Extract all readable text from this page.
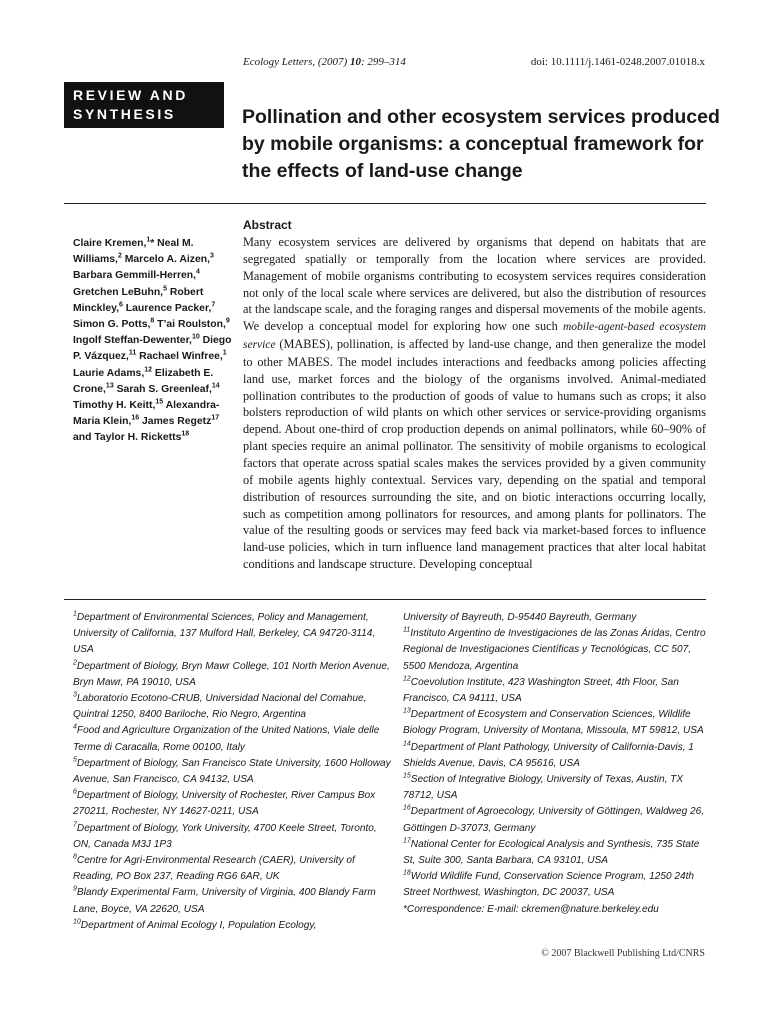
Ecology Letters, (2007) 10: 299–314	doi: 10.1111/j.1461-0248.2007.01018.x
REVIEW AND
SYNTHESIS	Pollination and other ecosystem services produced by mobile organisms: a conceptual framework for the effects of land-use change
Abstract
Claire Kremen,$^1$* Neal M. Williams,$^2$ Marcelo A. Aizen,$^3$ Barbara Gemmill-Herren,$^4$ Gretchen LeBuhn,$^5$ Robert Minckley,$^6$ Laurence Packer,$^7$ Simon G. Potts,$^8$ T’ai Roulston,$^9$ Ingolf Steffan-Dewenter,$^{10}$ Diego P. Vázquez,$^{11}$ Rachael Winfree,$^1$ Laurie Adams,$^{12}$ Elizabeth E. Crone,$^{13}$ Sarah S. Greenleaf,$^{14}$ Timothy H. Keitt,$^{15}$ Alexandra-Maria Klein,$^{16}$ James Regetz$^{17}$ and Taylor H. Ricketts$^{18}$

Many ecosystem services are delivered by organisms that depend on habitats that are segregated spatially or temporally from the location where services are provided. Management of mobile organisms contributing to ecosystem services requires consideration not only of the local scale where services are delivered, but also the distribution of resources at the landscape scale, and the foraging ranges and dispersal movements of the mobile agents. We develop a conceptual model for exploring how one such mobile-agent-based ecosystem service (MABES), pollination, is affected by land-use change, and then generalize the model to other MABES. The model includes interactions and feedbacks among policies affecting land use, market forces and the biology of the organisms involved. Animal-mediated pollination contributes to the production of goods of value to humans such as crops; it also bolsters reproduction of wild plants on which other services or service-providing organisms depend. About one-third of crop production depends on animal pollinators, while 60–90% of plant species require an animal pollinator. The sensitivity of mobile organisms to ecological factors that operate across spatial scales makes the services provided by a given community of mobile agents highly contextual. Services vary, depending on the spatial and temporal distribution of resources surrounding the site, and on biotic interactions occurring locally, such as competition among pollinators for resources, and among plants for pollinators. The value of the resulting goods or services may feed back via market-based forces to influence land-use policies, which in turn influence land management practices that alter local habitat conditions and landscape structure. Developing conceptual

$^1$Department of Environmental Sciences, Policy and Management, University of California, 137 Mulford Hall, Berkeley, CA 94720-3114, USA
$^2$Department of Biology, Bryn Mawr College, 101 North Merion Avenue, Bryn Mawr, PA 19010, USA
$^3$Laboratorio Ecotono-CRUB, Universidad Nacional del Comahue, Quintral 1250, 8400 Bariloche, Rio Negro, Argentina
$^4$Food and Agriculture Organization of the United Nations, Viale delle Terme di Caracalla, Rome 00100, Italy
$^5$Department of Biology, San Francisco State University, 1600 Holloway Avenue, San Francisco, CA 94132, USA
$^6$Department of Biology, University of Rochester, River Campus Box 270211, Rochester, NY 14627-0211, USA
$^7$Department of Biology, York University, 4700 Keele Street, Toronto, ON, Canada M3J 1P3
$^8$Centre for Agri-Environmental Research (CAER), University of Reading, PO Box 237, Reading RG6 6AR, UK
$^9$Blandy Experimental Farm, University of Virginia, 400 Blandy Farm Lane, Boyce, VA 22620, USA
$^{10}$Department of Animal Ecology I, Population Ecology,
University of Bayreuth, D-95440 Bayreuth, Germany
$^{11}$Instituto Argentino de Investigaciones de las Zonas Áridas, Centro Regional de Investigaciones Científicas y Tecnológicas, CC 507, 5500 Mendoza, Argentina
$^{12}$Coevolution Institute, 423 Washington Street, 4th Floor, San Francisco, CA 94111, USA
$^{13}$Department of Ecosystem and Conservation Sciences, Wildlife Biology Program, University of Montana, Missoula, MT 59812, USA
$^{14}$Department of Plant Pathology, University of California-Davis, 1 Shields Avenue, Davis, CA 95616, USA
$^{15}$Section of Integrative Biology, University of Texas, Austin, TX 78712, USA
$^{16}$Department of Agroecology, University of Göttingen, Waldweg 26, Göttingen D-37073, Germany
$^{17}$National Center for Ecological Analysis and Synthesis, 735 State St, Suite 300, Santa Barbara, CA 93101, USA
$^{18}$World Wildlife Fund, Conservation Science Program, 1250 24th Street Northwest, Washington, DC 20037, USA
*Correspondence: E-mail: ckremen@nature.berkeley.edu
© 2007 Blackwell Publishing Ltd/CNRS
